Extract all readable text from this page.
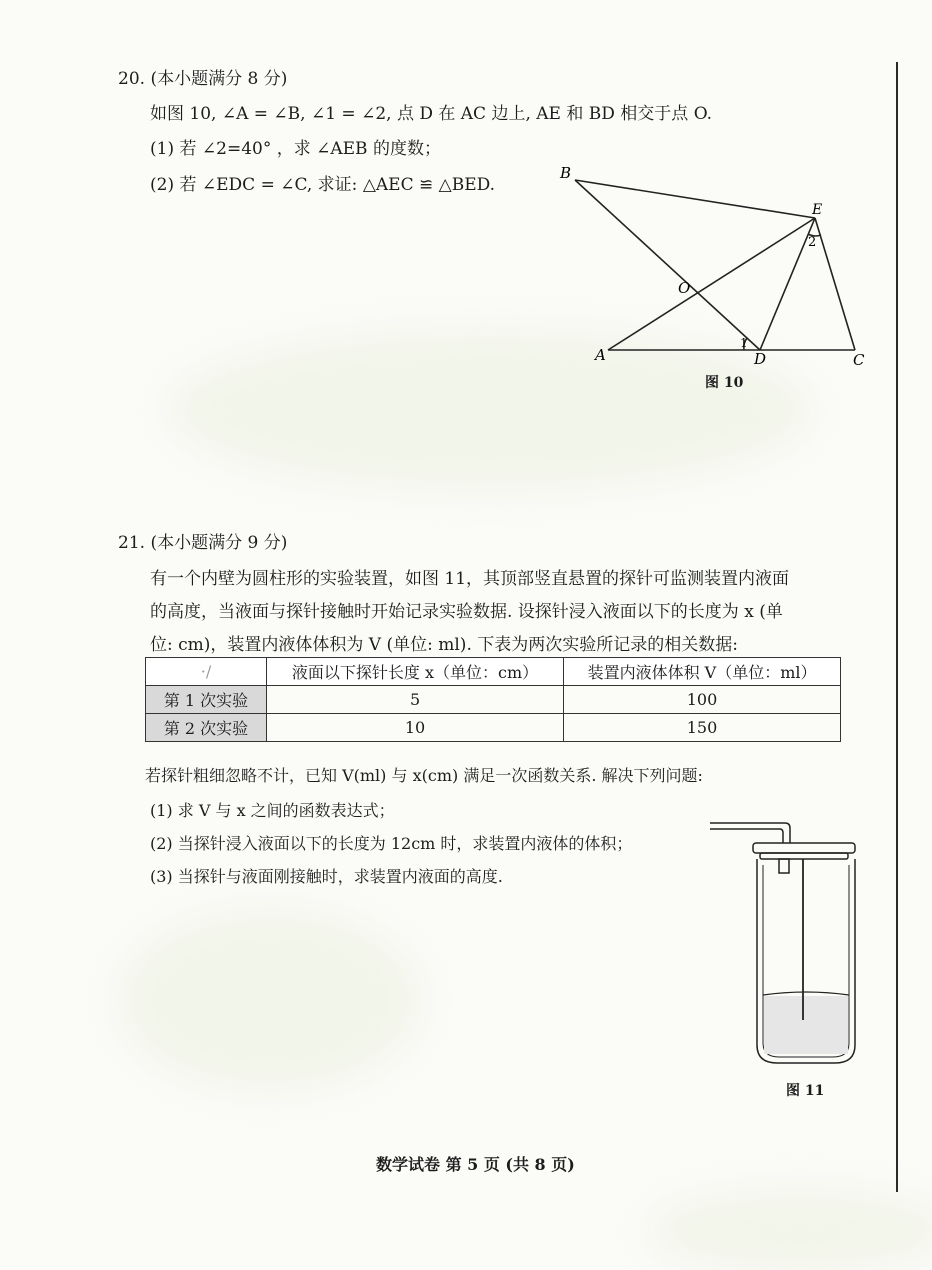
20. (本小题满分 8 分)
如图 10, ∠A = ∠B, ∠1 = ∠2, 点 D 在 AC 边上, AE 和 BD 相交于点 O.
(1) 若 ∠2=40° ，求 ∠AEB 的度数；
(2) 若 ∠EDC = ∠C, 求证: △AEC ≌ △BED.
B
E
O
A	D	C
1
2
图 10
21. (本小题满分 9 分)
有一个内壁为圆柱形的实验装置，如图 11，其顶部竖直悬置的探针可监测装置内液面
的高度，当液面与探针接触时开始记录实验数据. 设探针浸入液面以下的长度为 x (单
位: cm)，装置内液体体积为 V (单位: ml). 下表为两次实验所记录的相关数据:
·/	液面以下探针长度 x（单位：cm）	装置内液体体积 V（单位：ml）
第 1 次实验	5	100
第 2 次实验	10	150
若探针粗细忽略不计，已知 V(ml) 与 x(cm) 满足一次函数关系. 解决下列问题:
(1) 求 V 与 x 之间的函数表达式；
(2) 当探针浸入液面以下的长度为 12cm 时，求装置内液体的体积；
(3) 当探针与液面刚接触时，求装置内液面的高度.
图 11
数学试卷 第 5 页 (共 8 页)
